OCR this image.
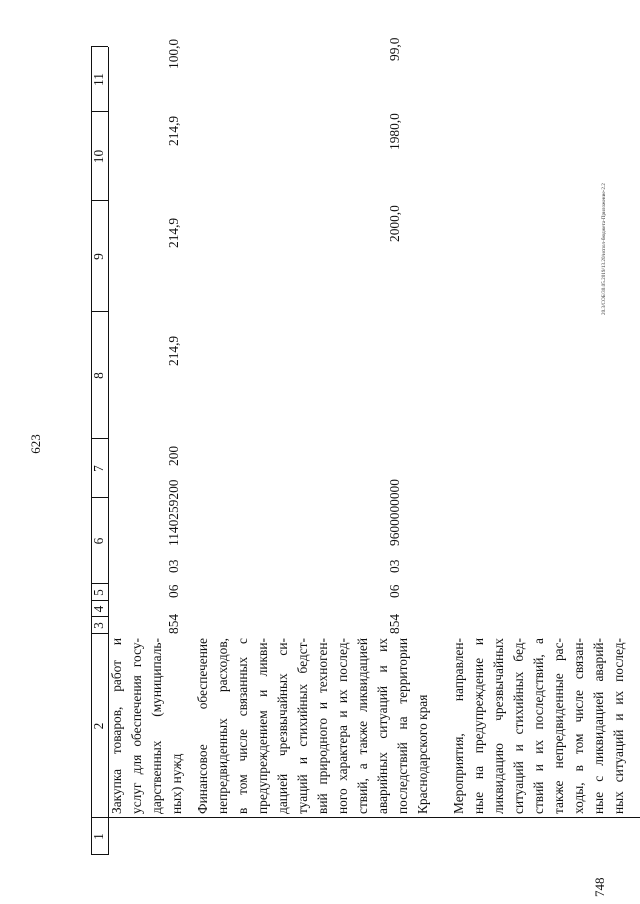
623
1
2
3
4
5
6
7
8
9
10
11
Закупка товаров, работ и услуг для обеспечения госу- дарственных (муниципаль- ных) нужд
854
06
03
1140259200
200
214,9
214,9
214,9
100,0
Финансовое обеспечение непредвиденных расходов, в том числе связанных с предупреждением и ликви- дацией чрезвычайных си- туаций и стихийных бедст- вий природного и техноген- ного характера и их послед- ствий, а также ликвидацией аварийных ситуаций и их последствий на территории Краснодарского края
854
06
03
9600000000
2000,0
1980,0
99,0
Мероприятия, направлен- ные на предупреждение и ликвидацию чрезвычайных ситуаций и стихийных бед- ствий и их последствий, а также непредвиденные рас- ходы, в том числе связан- ные с ликвидацией аварий- ных ситуаций и их послед-
748
20.3/СОБ/30.05.2019/13.20/испол-бюджета-Приложение-2.2
